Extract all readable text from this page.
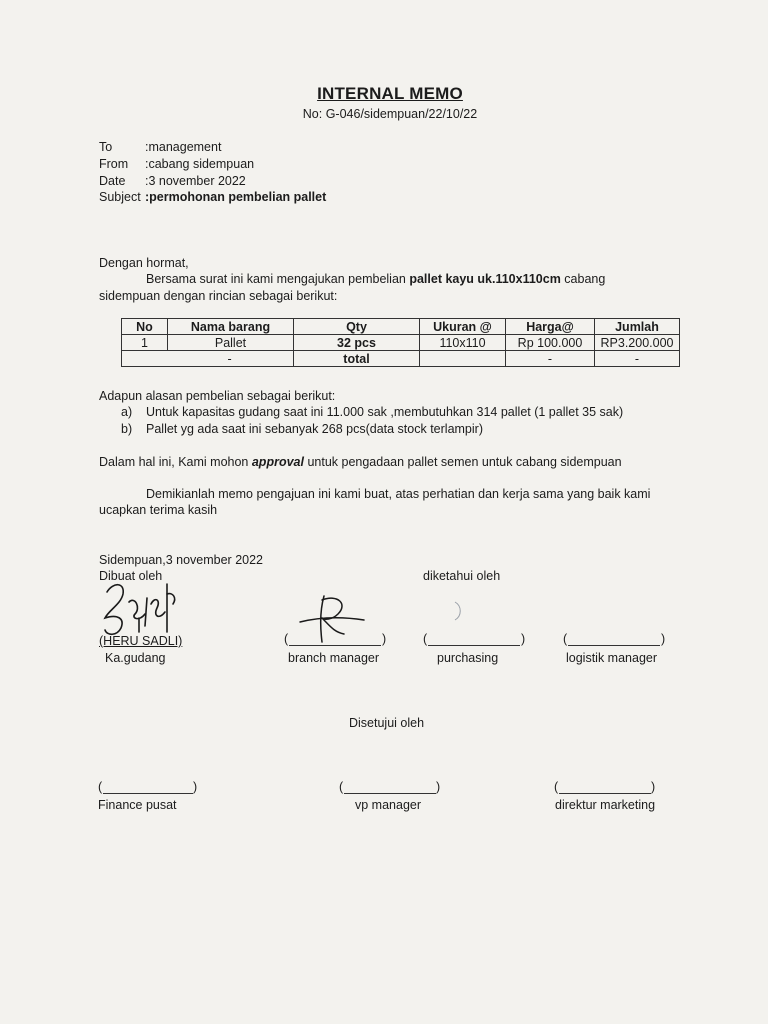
INTERNAL MEMO
No: G-046/sidempuan/22/10/22
To	:management
From :cabang sidempuan
Date :3 november 2022
Subject :permohonan pembelian pallet
Dengan hormat,
Bersama surat ini kami mengajukan pembelian pallet kayu uk.110x110cm cabang
sidempuan dengan rincian sebagai berikut:
No	Nama barang	Qty	Ukuran @	Harga@	Jumlah
1	Pallet	32 pcs	110x110	Rp 100.000	RP3.200.000
	-	total		-	-
Adapun alasan pembelian sebagai berikut:
a) Untuk kapasitas gudang saat ini 11.000 sak ,membutuhkan 314 pallet (1 pallet 35 sak)
b) Pallet yg ada saat ini sebanyak 268 pcs(data stock terlampir)
Dalam hal ini, Kami mohon approval untuk pengadaan pallet semen untuk cabang sidempuan
Demikianlah memo pengajuan ini kami buat, atas perhatian dan kerja sama yang baik kami
ucapkan terima kasih
Sidempuan,3 november 2022
Dibuat oleh	diketahui oleh
(HERU SADLI)
Ka.gudang
(	)
branch manager
(	)
purchasing
(	)
logistik manager
Disetujui oleh
(	)
Finance pusat
(	)
vp manager
(	)
direktur marketing
